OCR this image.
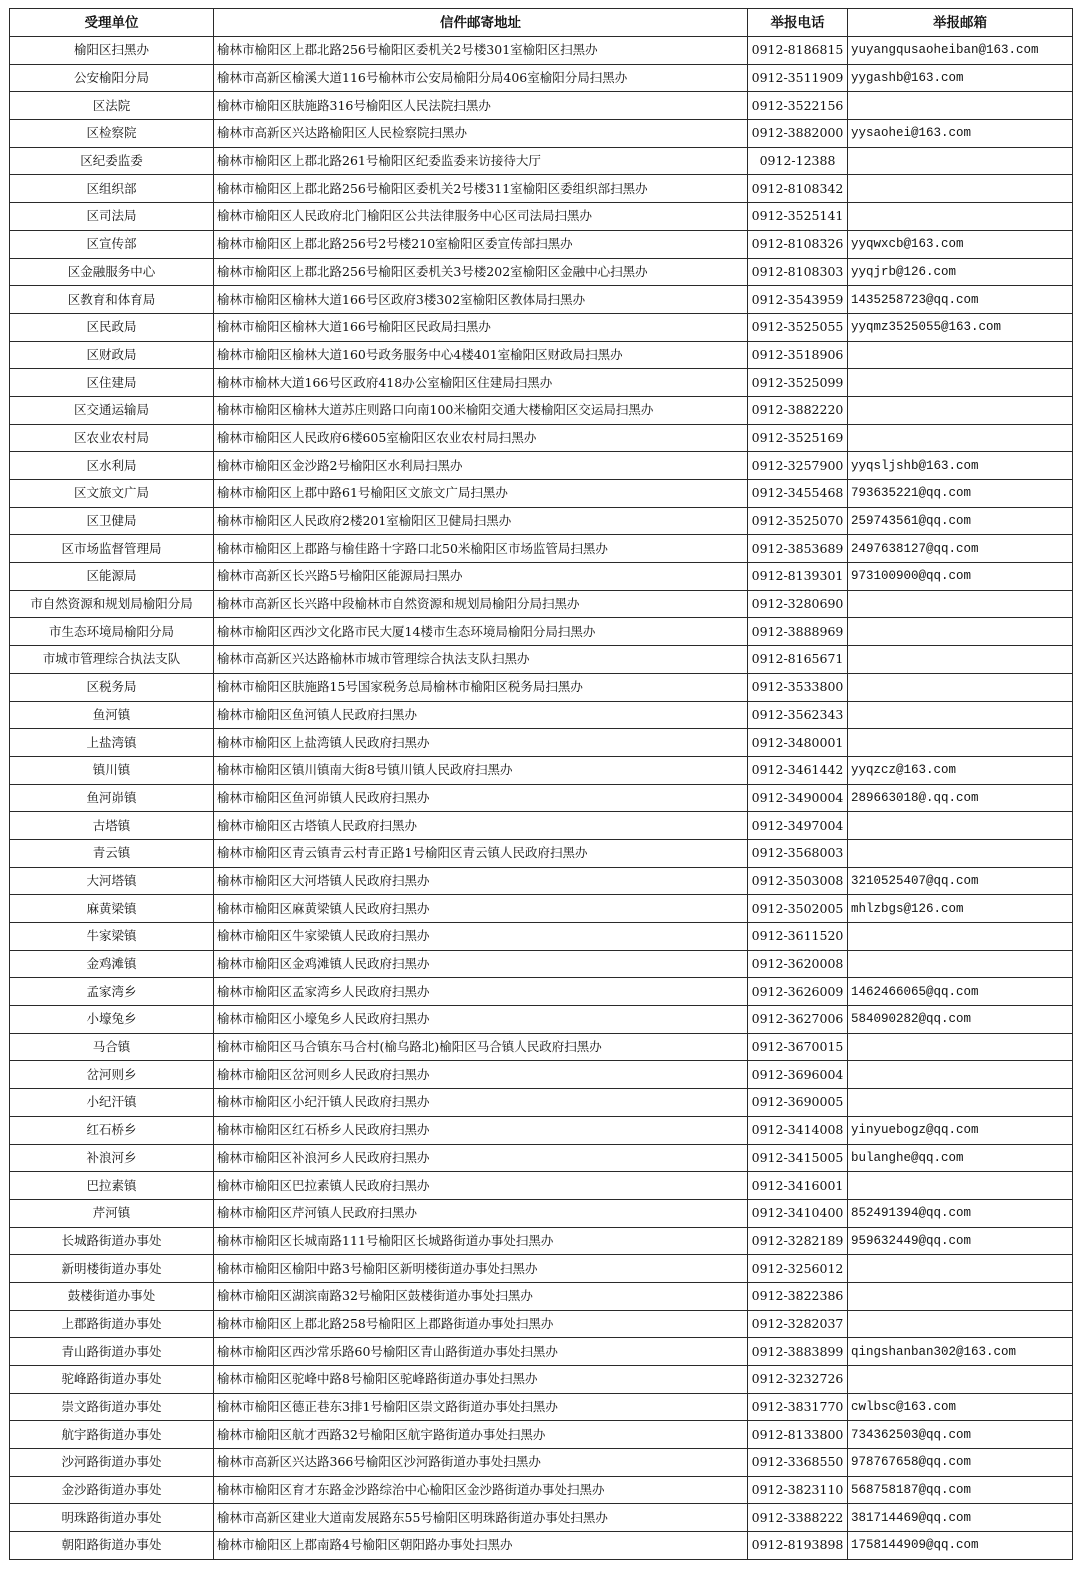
受理单位	信件邮寄地址	举报电话	举报邮箱
榆阳区扫黑办	榆林市榆阳区上郡北路256号榆阳区委机关2号楼301室榆阳区扫黑办	0912-8186815	yuyangqusaoheiban@163.com
公安榆阳分局	榆林市高新区榆溪大道116号榆林市公安局榆阳分局406室榆阳分局扫黑办	0912-3511909	yygashb@163.com
区法院	榆林市榆阳区肤施路316号榆阳区人民法院扫黑办	0912-3522156	
区检察院	榆林市高新区兴达路榆阳区人民检察院扫黑办	0912-3882000	yysaohei@163.com
区纪委监委	榆林市榆阳区上郡北路261号榆阳区纪委监委来访接待大厅	0912-12388	
区组织部	榆林市榆阳区上郡北路256号榆阳区委机关2号楼311室榆阳区委组织部扫黑办	0912-8108342	
区司法局	榆林市榆阳区人民政府北门榆阳区公共法律服务中心区司法局扫黑办	0912-3525141	
区宣传部	榆林市榆阳区上郡北路256号2号楼210室榆阳区委宣传部扫黑办	0912-8108326	yyqwxcb@163.com
区金融服务中心	榆林市榆阳区上郡北路256号榆阳区委机关3号楼202室榆阳区金融中心扫黑办	0912-8108303	yyqjrb@126.com
区教育和体育局	榆林市榆阳区榆林大道166号区政府3楼302室榆阳区教体局扫黑办	0912-3543959	1435258723@qq.com
区民政局	榆林市榆阳区榆林大道166号榆阳区民政局扫黑办	0912-3525055	yyqmz3525055@163.com
区财政局	榆林市榆阳区榆林大道160号政务服务中心4楼401室榆阳区财政局扫黑办	0912-3518906	
区住建局	榆林市榆林大道166号区政府418办公室榆阳区住建局扫黑办	0912-3525099	
区交通运输局	榆林市榆阳区榆林大道苏庄则路口向南100米榆阳交通大楼榆阳区交运局扫黑办	0912-3882220	
区农业农村局	榆林市榆阳区人民政府6楼605室榆阳区农业农村局扫黑办	0912-3525169	
区水利局	榆林市榆阳区金沙路2号榆阳区水利局扫黑办	0912-3257900	yyqsljshb@163.com
区文旅文广局	榆林市榆阳区上郡中路61号榆阳区文旅文广局扫黑办	0912-3455468	793635221@qq.com
区卫健局	榆林市榆阳区人民政府2楼201室榆阳区卫健局扫黑办	0912-3525070	259743561@qq.com
区市场监督管理局	榆林市榆阳区上郡路与榆佳路十字路口北50米榆阳区市场监管局扫黑办	0912-3853689	2497638127@qq.com
区能源局	榆林市高新区长兴路5号榆阳区能源局扫黑办	0912-8139301	973100900@qq.com
市自然资源和规划局榆阳分局	榆林市高新区长兴路中段榆林市自然资源和规划局榆阳分局扫黑办	0912-3280690	
市生态环境局榆阳分局	榆林市榆阳区西沙文化路市民大厦14楼市生态环境局榆阳分局扫黑办	0912-3888969	
市城市管理综合执法支队	榆林市高新区兴达路榆林市城市管理综合执法支队扫黑办	0912-8165671	
区税务局	榆林市榆阳区肤施路15号国家税务总局榆林市榆阳区税务局扫黑办	0912-3533800	
鱼河镇	榆林市榆阳区鱼河镇人民政府扫黑办	0912-3562343	
上盐湾镇	榆林市榆阳区上盐湾镇人民政府扫黑办	0912-3480001	
镇川镇	榆林市榆阳区镇川镇南大街8号镇川镇人民政府扫黑办	0912-3461442	yyqzcz@163.com
鱼河峁镇	榆林市榆阳区鱼河峁镇人民政府扫黑办	0912-3490004	289663018@.qq.com
古塔镇	榆林市榆阳区古塔镇人民政府扫黑办	0912-3497004	
青云镇	榆林市榆阳区青云镇青云村青正路1号榆阳区青云镇人民政府扫黑办	0912-3568003	
大河塔镇	榆林市榆阳区大河塔镇人民政府扫黑办	0912-3503008	3210525407@qq.com
麻黄梁镇	榆林市榆阳区麻黄梁镇人民政府扫黑办	0912-3502005	mhlzbgs@126.com
牛家梁镇	榆林市榆阳区牛家梁镇人民政府扫黑办	0912-3611520	
金鸡滩镇	榆林市榆阳区金鸡滩镇人民政府扫黑办	0912-3620008	
孟家湾乡	榆林市榆阳区孟家湾乡人民政府扫黑办	0912-3626009	1462466065@qq.com
小壕兔乡	榆林市榆阳区小壕兔乡人民政府扫黑办	0912-3627006	584090282@qq.com
马合镇	榆林市榆阳区马合镇东马合村(榆乌路北)榆阳区马合镇人民政府扫黑办	0912-3670015	
岔河则乡	榆林市榆阳区岔河则乡人民政府扫黑办	0912-3696004	
小纪汗镇	榆林市榆阳区小纪汗镇人民政府扫黑办	0912-3690005	
红石桥乡	榆林市榆阳区红石桥乡人民政府扫黑办	0912-3414008	yinyuebogz@qq.com
补浪河乡	榆林市榆阳区补浪河乡人民政府扫黑办	0912-3415005	bulanghe@qq.com
巴拉素镇	榆林市榆阳区巴拉素镇人民政府扫黑办	0912-3416001	
芹河镇	榆林市榆阳区芹河镇人民政府扫黑办	0912-3410400	852491394@qq.com
长城路街道办事处	榆林市榆阳区长城南路111号榆阳区长城路街道办事处扫黑办	0912-3282189	959632449@qq.com
新明楼街道办事处	榆林市榆阳区榆阳中路3号榆阳区新明楼街道办事处扫黑办	0912-3256012	
鼓楼街道办事处	榆林市榆阳区湖滨南路32号榆阳区鼓楼街道办事处扫黑办	0912-3822386	
上郡路街道办事处	榆林市榆阳区上郡北路258号榆阳区上郡路街道办事处扫黑办	0912-3282037	
青山路街道办事处	榆林市榆阳区西沙常乐路60号榆阳区青山路街道办事处扫黑办	0912-3883899	qingshanban302@163.com
驼峰路街道办事处	榆林市榆阳区驼峰中路8号榆阳区驼峰路街道办事处扫黑办	0912-3232726	
崇文路街道办事处	榆林市榆阳区德正巷东3排1号榆阳区崇文路街道办事处扫黑办	0912-3831770	cwlbsc@163.com
航宇路街道办事处	榆林市榆阳区航才西路32号榆阳区航宇路街道办事处扫黑办	0912-8133800	734362503@qq.com
沙河路街道办事处	榆林市高新区兴达路366号榆阳区沙河路街道办事处扫黑办	0912-3368550	978767658@qq.com
金沙路街道办事处	榆林市榆阳区育才东路金沙路综治中心榆阳区金沙路街道办事处扫黑办	0912-3823110	568758187@qq.com
明珠路街道办事处	榆林市高新区建业大道南发展路东55号榆阳区明珠路街道办事处扫黑办	0912-3388222	381714469@qq.com
朝阳路街道办事处	榆林市榆阳区上郡南路4号榆阳区朝阳路办事处扫黑办	0912-8193898	1758144909@qq.com
